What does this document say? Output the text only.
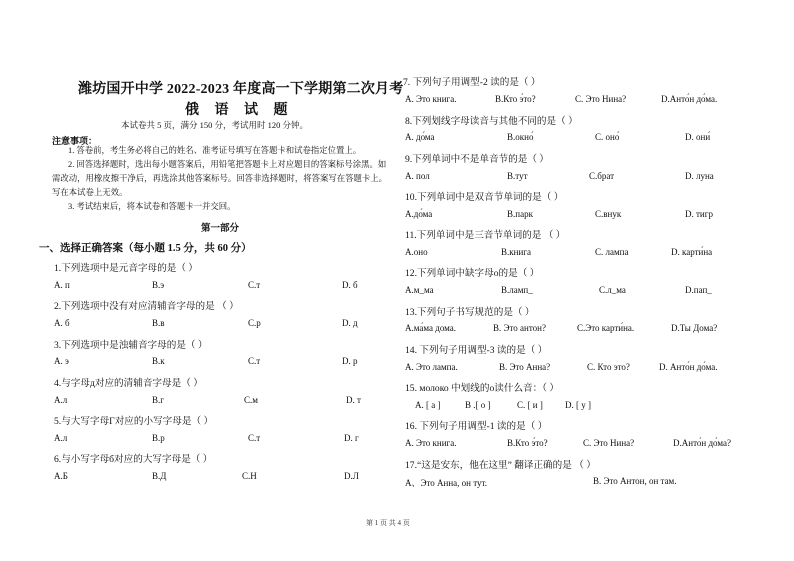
潍坊国开中学 2022-2023 年度高一下学期第二次月考
俄 语 试 题
本试卷共 5 页，满分 150 分，考试用时 120 分钟。
注意事项：
1. 答卷前，考生务必将自己的姓名、准考证号填写在答题卡和试卷指定位置上。
2. 回答选择题时，选出每小题答案后，用铅笔把答题卡上对应题目的答案标号涂黑。如需改动，用橡皮擦干净后，再选涂其他答案标号。回答非选择题时，将答案写在答题卡上。写在本试卷上无效。
3. 考试结束后，将本试卷和答题卡一并交回。
第一部分
一、选择正确答案（每小题 1.5 分，共 60 分）
1.下列选项中是元音字母的是（ ）
A. п	B.э	C.т	D. б
2.下列选项中没有对应清辅音字母的是 （ ）
A. б	B.в	C.р	D. д
3.下列选项中是浊辅音字母的是（ ）
A. э	B.к	C.т	D. р
4.与字母д对应的清辅音字母是（ ）
A.л	B.г	C.м	D. т
5.与大写字母Г对应的小写字母是（ ）
A.л	B.р	C.т	D. г
6.与小写字母б对应的大写字母是（ ）
A.Б	B.Д	C.Н	D.Л
7. 下列句子用调型-2 读的是（ ）
A. Это книга.	B.Кто э́то?	C. Это Нина?	D.Анто́н до́ма.
8.下列划线字母读音与其他不同的是（ ）
A. до́ма	B.окно́	C. оно́	D. они́
9.下列单词中不是单音节的是（ ）
A. пол	B.тут	C.брат	D. луна
10.下列单词中是双音节单词的是（ ）
A.до́ма	B.парк	C.внук	D. тигр
11.下列单词中是三音节单词的是 （ ）
A.оно	B.книга	C. лампа	D. карти́на
12.下列单词中缺字母о的是（ ）
A.м_ма	B.ламп_	C.л_ма	D.пап_
13.下列句子书写规范的是（ ）
A.ма́ма дома.	B. Это антон?	C.Это карти́на.	D.Ты Дома?
14. 下列句子用调型-3 读的是（ ）
A. Это лампа.	B. Это Анна?	C. Кто это?	D. Анто́н до́ма.
15. молоко 中划线的о读什么音：（ ）
A. [ а ]	B .[ о ]	C. [ и ] D. [ у ]
16. 下列句子用调型-1 读的是（ ）
A. Это книга.	B.Кто э́то?	C. Это Нина?	D.Анто́н до́ма?
17.“这是安东，他在这里” 翻译正确的是 （ ）
A、Это Анна, он тут.	B. Это Антон, он там.
第 1 页 共 4 页
